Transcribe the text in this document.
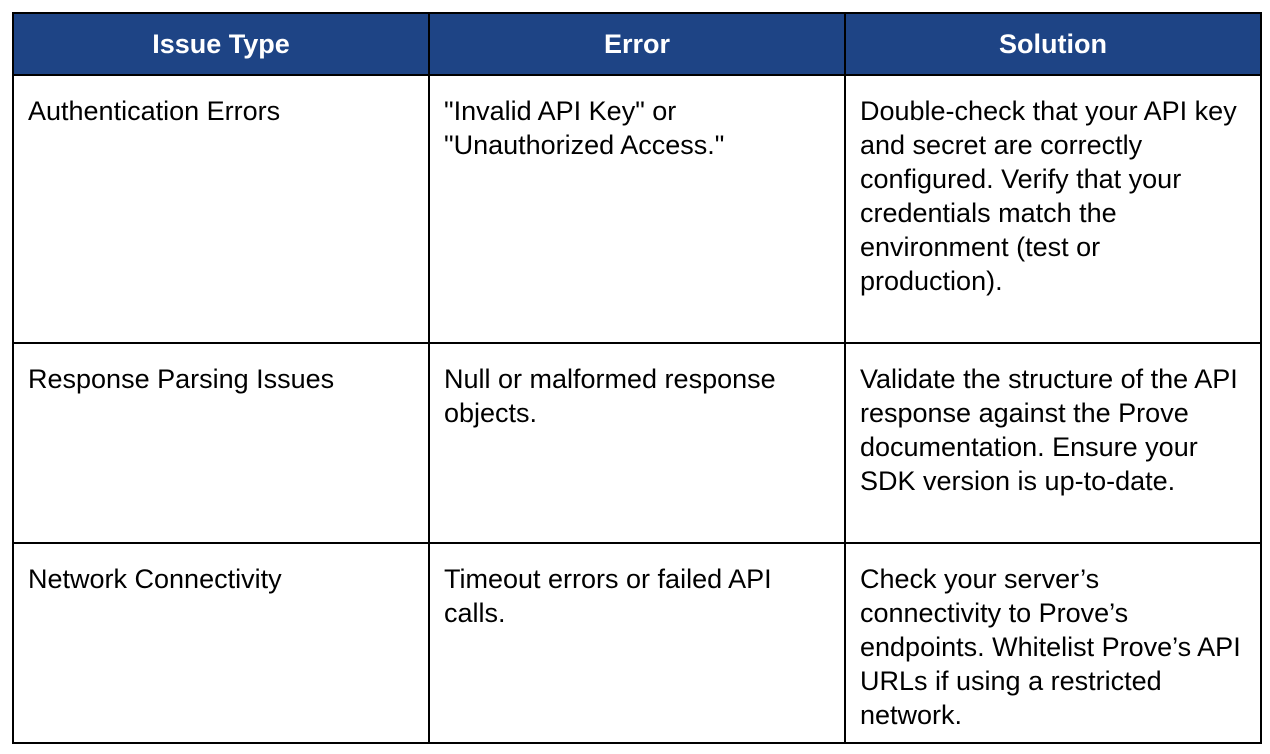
Issue Type	Error	Solution
Authentication Errors	"Invalid API Key" or "Unauthorized Access."	Double-check that your API key and secret are correctly configured. Verify that your credentials match the environment (test or production).
Response Parsing Issues	Null or malformed response objects.	Validate the structure of the API response against the Prove documentation. Ensure your SDK version is up-to-date.
Network Connectivity	Timeout errors or failed API calls.	Check your server’s connectivity to Prove’s endpoints. Whitelist Prove’s API URLs if using a restricted network.
